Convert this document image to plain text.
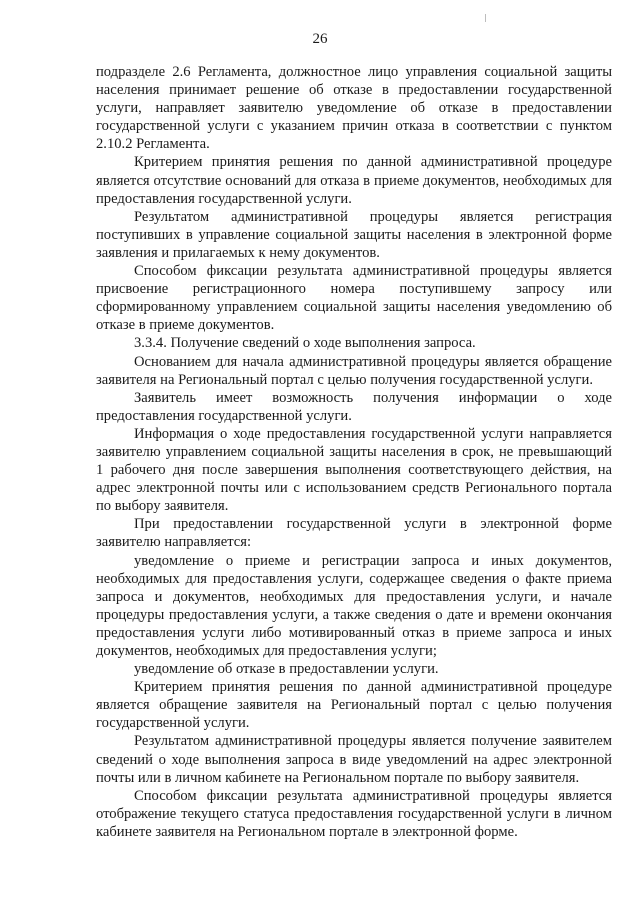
26

подразделе 2.6 Регламента, должностное лицо управления социальной защиты населения принимает решение об отказе в предоставлении государственной услуги, направляет заявителю уведомление об отказе в предоставлении государственной услуги с указанием причин отказа в соответствии с пунктом 2.10.2 Регламента.

Критерием принятия решения по данной административной процедуре является отсутствие оснований для отказа в приеме документов, необходимых для предоставления государственной услуги.

Результатом административной процедуры является регистрация поступивших в управление социальной защиты населения в электронной форме заявления и прилагаемых к нему документов.

Способом фиксации результата административной процедуры является присвоение регистрационного номера поступившему запросу или сформированному управлением социальной защиты населения уведомлению об отказе в приеме документов.

3.3.4. Получение сведений о ходе выполнения запроса.

Основанием для начала административной процедуры является обращение заявителя на Региональный портал с целью получения государственной услуги.

Заявитель имеет возможность получения информации о ходе предоставления государственной услуги.

Информация о ходе предоставления государственной услуги направляется заявителю управлением социальной защиты населения в срок, не превышающий 1 рабочего дня после завершения выполнения соответствующего действия, на адрес электронной почты или с использованием средств Регионального портала по выбору заявителя.

При предоставлении государственной услуги в электронной форме заявителю направляется:

уведомление о приеме и регистрации запроса и иных документов, необходимых для предоставления услуги, содержащее сведения о факте приема запроса и документов, необходимых для предоставления услуги, и начале процедуры предоставления услуги, а также сведения о дате и времени окончания предоставления услуги либо мотивированный отказ в приеме запроса и иных документов, необходимых для предоставления услуги;

уведомление об отказе в предоставлении услуги.

Критерием принятия решения по данной административной процедуре является обращение заявителя на Региональный портал с целью получения государственной услуги.

Результатом административной процедуры является получение заявителем сведений о ходе выполнения запроса в виде уведомлений на адрес электронной почты или в личном кабинете на Региональном портале по выбору заявителя.

Способом фиксации результата административной процедуры является отображение текущего статуса предоставления государственной услуги в личном кабинете заявителя на Региональном портале в электронной форме.
